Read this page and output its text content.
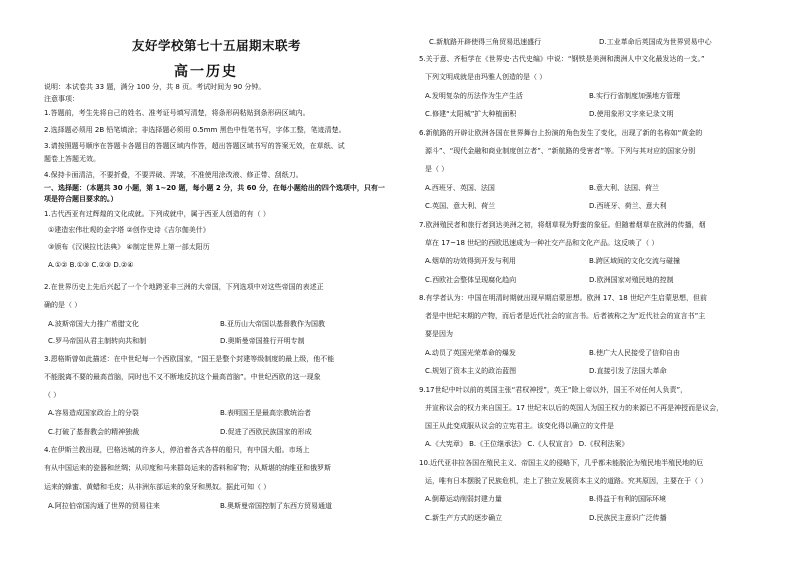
友好学校第七十五届期末联考
高一历史
说明：本试卷共 33 题，满分 100 分，共 8 页。考试时间为 90 分钟。
注意事项：
1.答题前，考生先将自己的姓名、准考证号填写清楚，将条形码粘贴到条形码区域内。
2.选择题必须用 2B 铅笔填涂；非选择题必须用 0.5mm 黑色中性笔书写，字体工整，笔迹清楚。
3.请按照题号顺序在答题卡各题目的答题区域内作答，超出答题区域书写的答案无效，在草纸、试
题卷上答题无效。
4.保持卡面清洁，不要折叠，不要弄破、弄皱，不准使用涂改液、修正带、刮纸刀。
一、选择题：（本题共 30 小题，第 1~20 题，每小题 2 分，共 60 分，在每小题给出的四个选项中，只有一
项是符合题目要求的。）
1.古代西亚有过辉煌的文化成就。下列成就中，属于西亚人创造的有（ ）
①建造宏伟壮观的金字塔 ②创作史诗《吉尔伽美什》
③颁布《汉谟拉比法典》 ④制定世界上第一部太阳历
A.①② B.①③ C.②③ D.②④
2.在世界历史上先后兴起了一个个地跨亚非三洲的大帝国，下列选项中对这些帝国的表述正
确的是（ ）
A.波斯帝国大力推广希腊文化	B.亚历山大帝国以基督教作为国教
C.罗马帝国从君主制转向共和制	D.奥斯曼帝国推行开明专制
3.恩格斯曾如此描述：在中世纪每一个西欧国家，“国王是整个封建等级制度的最上级，他不能
不能脱离不要的最高首脑，同时也不又不断地反抗这个最高首脑”。中世纪西欧的这一现象
（ ）
A.容易造成国家政治上的分裂	B.表明国王是最高宗教统治者
C.打破了基督教会的精神独裁	D.促进了西欧民族国家的形成
4.在伊斯兰教出现，巴格达城的许多人，停泊着各式各样的船只，有中国大船。市场上
有从中国运来的瓷器和丝绸；从印度和马来群岛运来的香料和矿物；从斯堪的纳维亚和俄罗斯
运来的蜂蜜、黄蜡和毛皮；从非洲东部运来的象牙和黑奴。据此可知（ ）
A.阿拉伯帝国沟通了世界的贸易往来	B.奥斯曼帝国控制了东西方贸易通道
C.新航路开辟使得三角贸易迅速盛行	D.工业革命后英国成为世界贸易中心
5.关于意、齐桓学在《世界史·古代史编》中说：“钢铁是美洲和澳洲人中文化最发达的一支。”
下列文明成就是由玛雅人创造的是（ ）
A.发明复杂的历法作为生产生活	B.实行行省制度加强地方管理
C.修建“太阳城”扩大种植面积	D.使用象形文字来记录文明
6.新航路的开辟让欧洲各国在世界舞台上扮演的角色发生了变化，出现了新的名称如“黄金的
源斗”、“现代金融和商业制度创立者”、“新航路的受害者”等。下列与其对应的国家分别
是（ ）
A.西班牙、英国、法国	B.意大利、法国、荷兰
C.英国、意大利、荷兰	D.西班牙、荷兰、意大利
7.欧洲殖民者和旅行者到达美洲之初，将烟草视为野蛮的象征。但随着烟草在欧洲的传播，烟
草在 17~18 世纪的西欧迅速成为一种社交产品和文化产品。这反映了（ ）
A.烟草的功效得到开发与利用	B.跨区域间的文化交流与碰撞
C.西欧社会整体呈现腐化趋向	D.欧洲国家对殖民地的控制
8.有学者认为：中国在明清时期就出现早期启蒙思想。欧洲 17、18 世纪产生启蒙思想，但前
者是中世纪末期的产物，而后者是近代社会的宣言书。后者被称之为“近代社会的宣言书”主
要是因为
A.动员了英国光荣革命的爆发	B.使广大人民接受了信仰自由
C.规划了资本主义的政治蓝图	D.直接引发了法国大革命
9.17世纪中叶以前的英国主张“君权神授”，英王“除上帝以外，国王不对任何人负责”，
并宣称议会的权力来自国王。17 世纪末以后的英国人为国王权力的来源已不再是神授而是议会，
国王从此变成服从议会的立宪君主。该变化得以确立的文件是
A.《大宪章》 B.《王位继承法》 C.《人权宣言》 D.《权利法案》
10.近代亚非拉各国在殖民主义、帝国主义的侵略下，几乎都未能脱沦为殖民地半殖民地的厄
运，唯有日本摆脱了民族危机，走上了独立发展资本主义的道路。究其原因，主要在于（ ）
A.倒幕运动削弱封建力量	B.得益于有利的国际环境
C.新生产方式的逐步确立	D.民族民主意识广泛传播
